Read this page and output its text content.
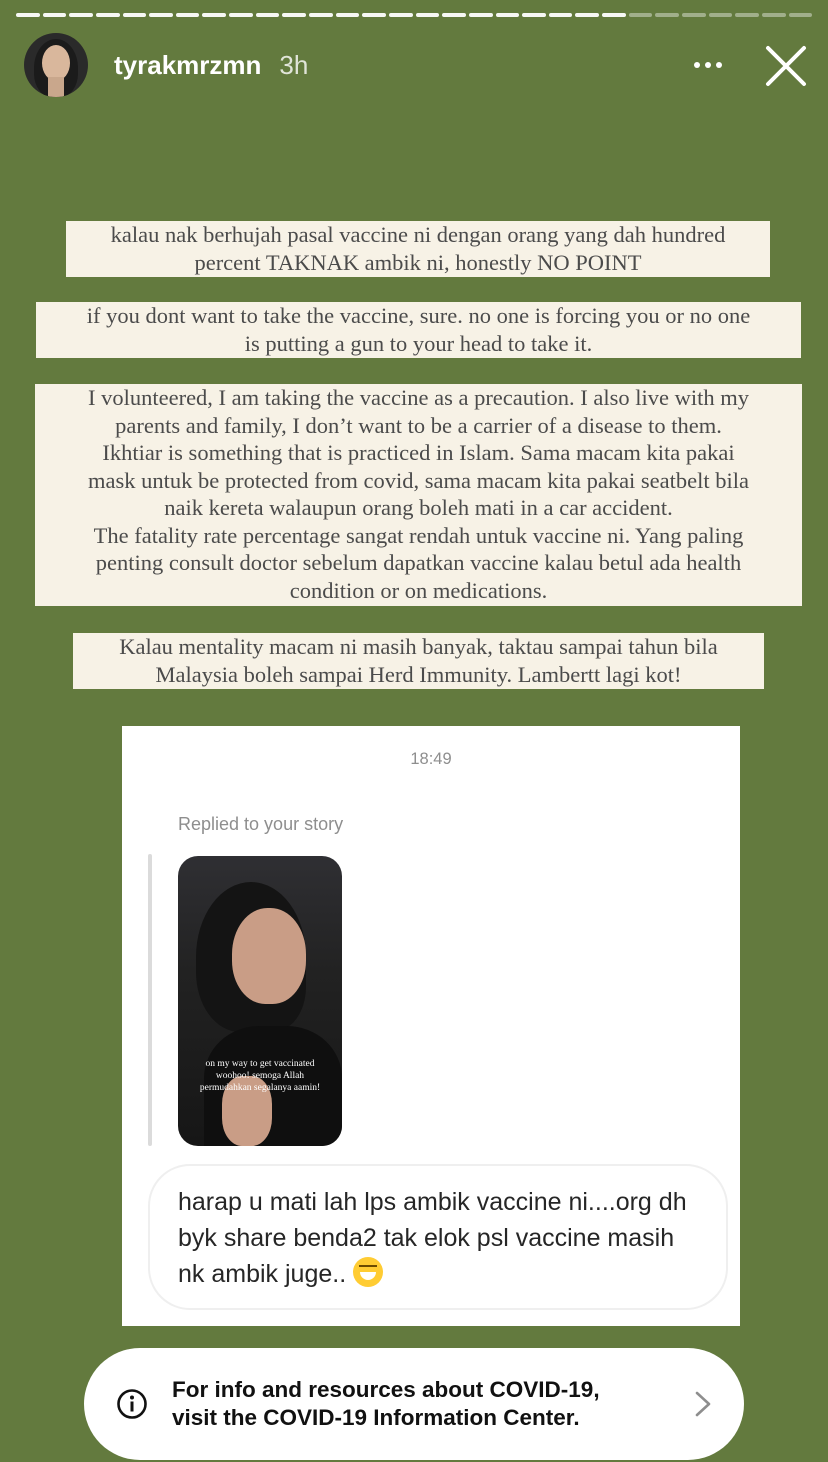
tyrakmrzmn 3h
kalau nak berhujah pasal vaccine ni dengan orang yang dah hundred
percent TAKNAK ambik ni, honestly NO POINT
if you dont want to take the vaccine, sure. no one is forcing you or no one
is putting a gun to your head to take it.
I volunteered, I am taking the vaccine as a precaution. I also live with my
parents and family, I don’t want to be a carrier of a disease to them.
Ikhtiar is something that is practiced in Islam. Sama macam kita pakai
mask untuk be protected from covid, sama macam kita pakai seatbelt bila
naik kereta walaupun orang boleh mati in a car accident.
The fatality rate percentage sangat rendah untuk vaccine ni. Yang paling
penting consult doctor sebelum dapatkan vaccine kalau betul ada health
condition or on medications.
Kalau mentality macam ni masih banyak, taktau sampai tahun bila
Malaysia boleh sampai Herd Immunity. Lambertt lagi kot!
18:49
Replied to your story
on my way to get vaccinated
woohoo! semoga Allah
permudahkan segalanya aamin!
harap u mati lah lps ambik vaccine ni....org dh byk share benda2 tak elok psl vaccine masih nk ambik juge..
For info and resources about COVID-19,
visit the COVID-19 Information Center.
